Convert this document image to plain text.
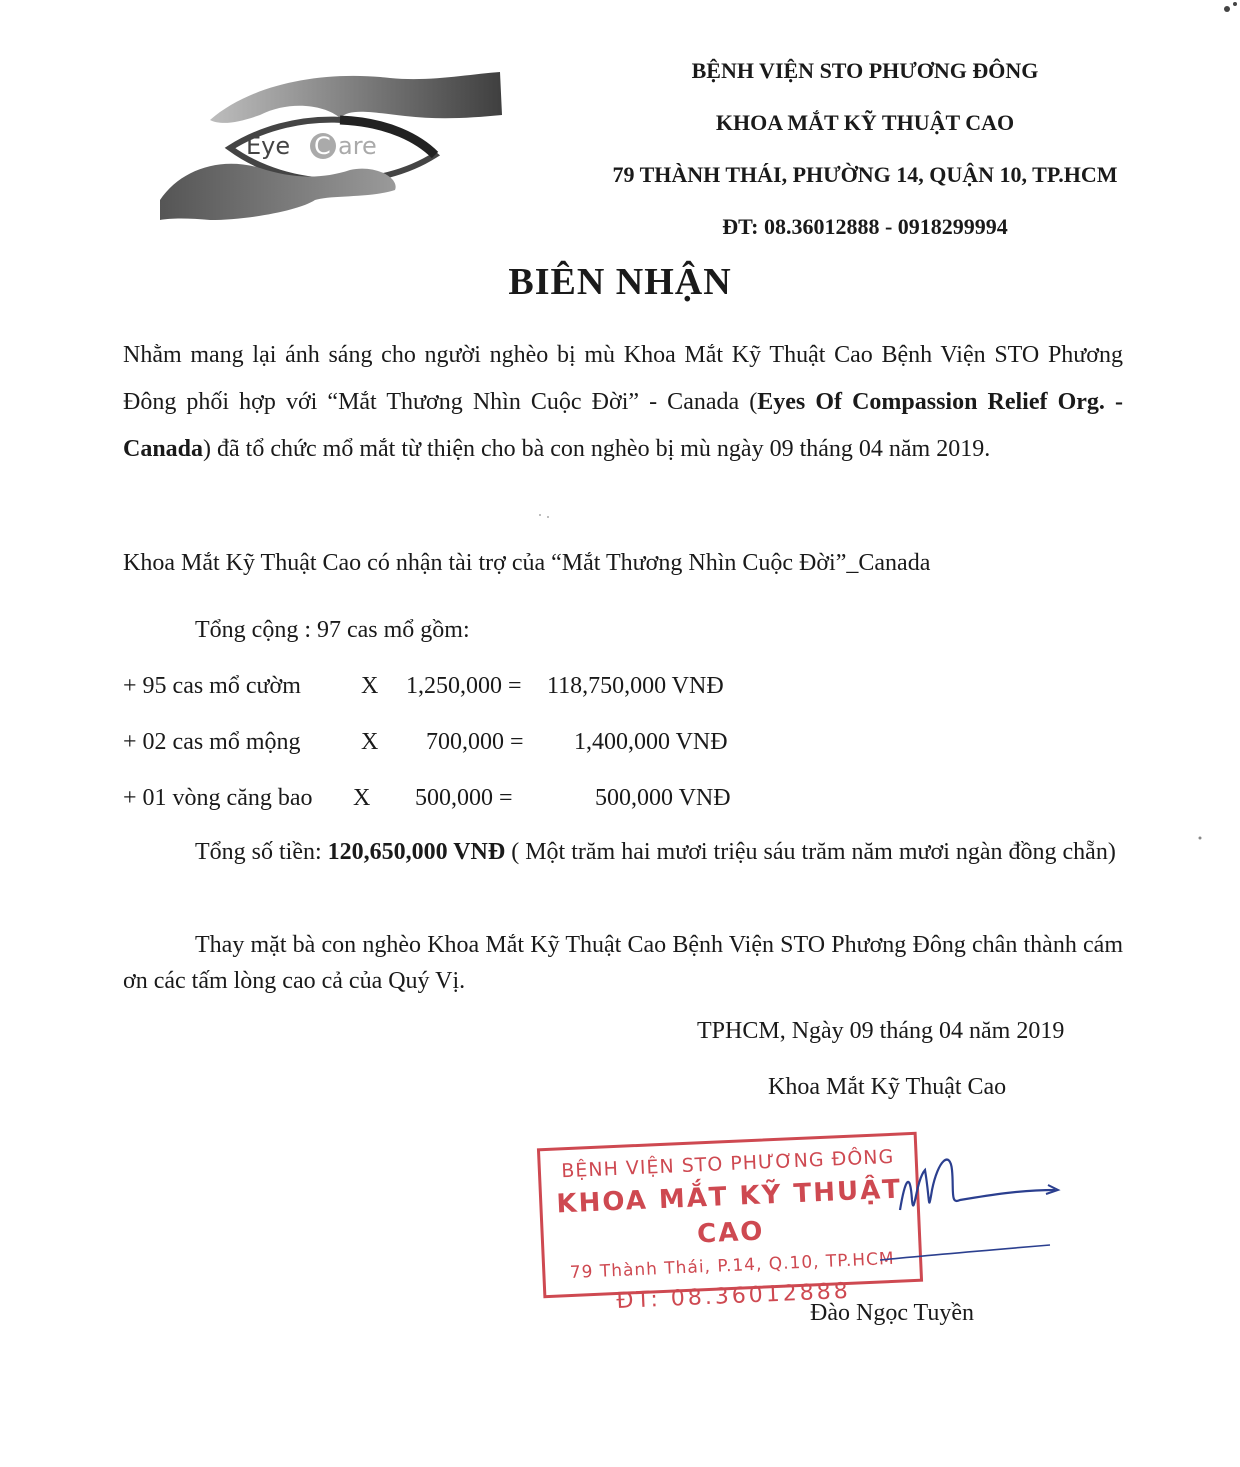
Eye C are
BỆNH VIỆN STO PHƯƠNG ĐÔNG
KHOA MẮT KỸ THUẬT CAO
79 THÀNH THÁI, PHƯỜNG 14, QUẬN 10, TP.HCM
ĐT: 08.36012888 - 0918299994
BIÊN NHẬN
Nhằm mang lại ánh sáng cho người nghèo bị mù Khoa Mắt Kỹ Thuật Cao Bệnh Viện STO Phương Đông phối hợp với “Mắt Thương Nhìn Cuộc Đời” - Canada (Eyes Of Compassion Relief Org. - Canada) đã tổ chức mổ mắt từ thiện cho bà con nghèo bị mù ngày 09 tháng 04 năm 2019.
Khoa Mắt Kỹ Thuật Cao có nhận tài trợ của “Mắt Thương Nhìn Cuộc Đời”_Canada
Tổng cộng : 97 cas mổ gồm:
+ 95 cas mổ cườm	X 1,250,000 = 118,750,000 VNĐ
+ 02 cas mổ mộng	X 700,000 = 1,400,000 VNĐ
+ 01 vòng căng bao X 500,000 =	500,000 VNĐ
Tổng số tiền: 120,650,000 VNĐ ( Một trăm hai mươi triệu sáu trăm năm mươi ngàn đồng chẵn)
Thay mặt bà con nghèo Khoa Mắt Kỹ Thuật Cao Bệnh Viện STO Phương Đông chân thành cám ơn các tấm lòng cao cả của Quý Vị.
TPHCM, Ngày 09 tháng 04 năm 2019
Khoa Mắt Kỹ Thuật Cao
BỆNH VIỆN STO PHƯƠNG ĐÔNG
KHOA MẮT KỸ THUẬT CAO
79 Thành Thái, P.14, Q.10, TP.HCM
ĐT: 08.36012888
Đào Ngọc Tuyền
